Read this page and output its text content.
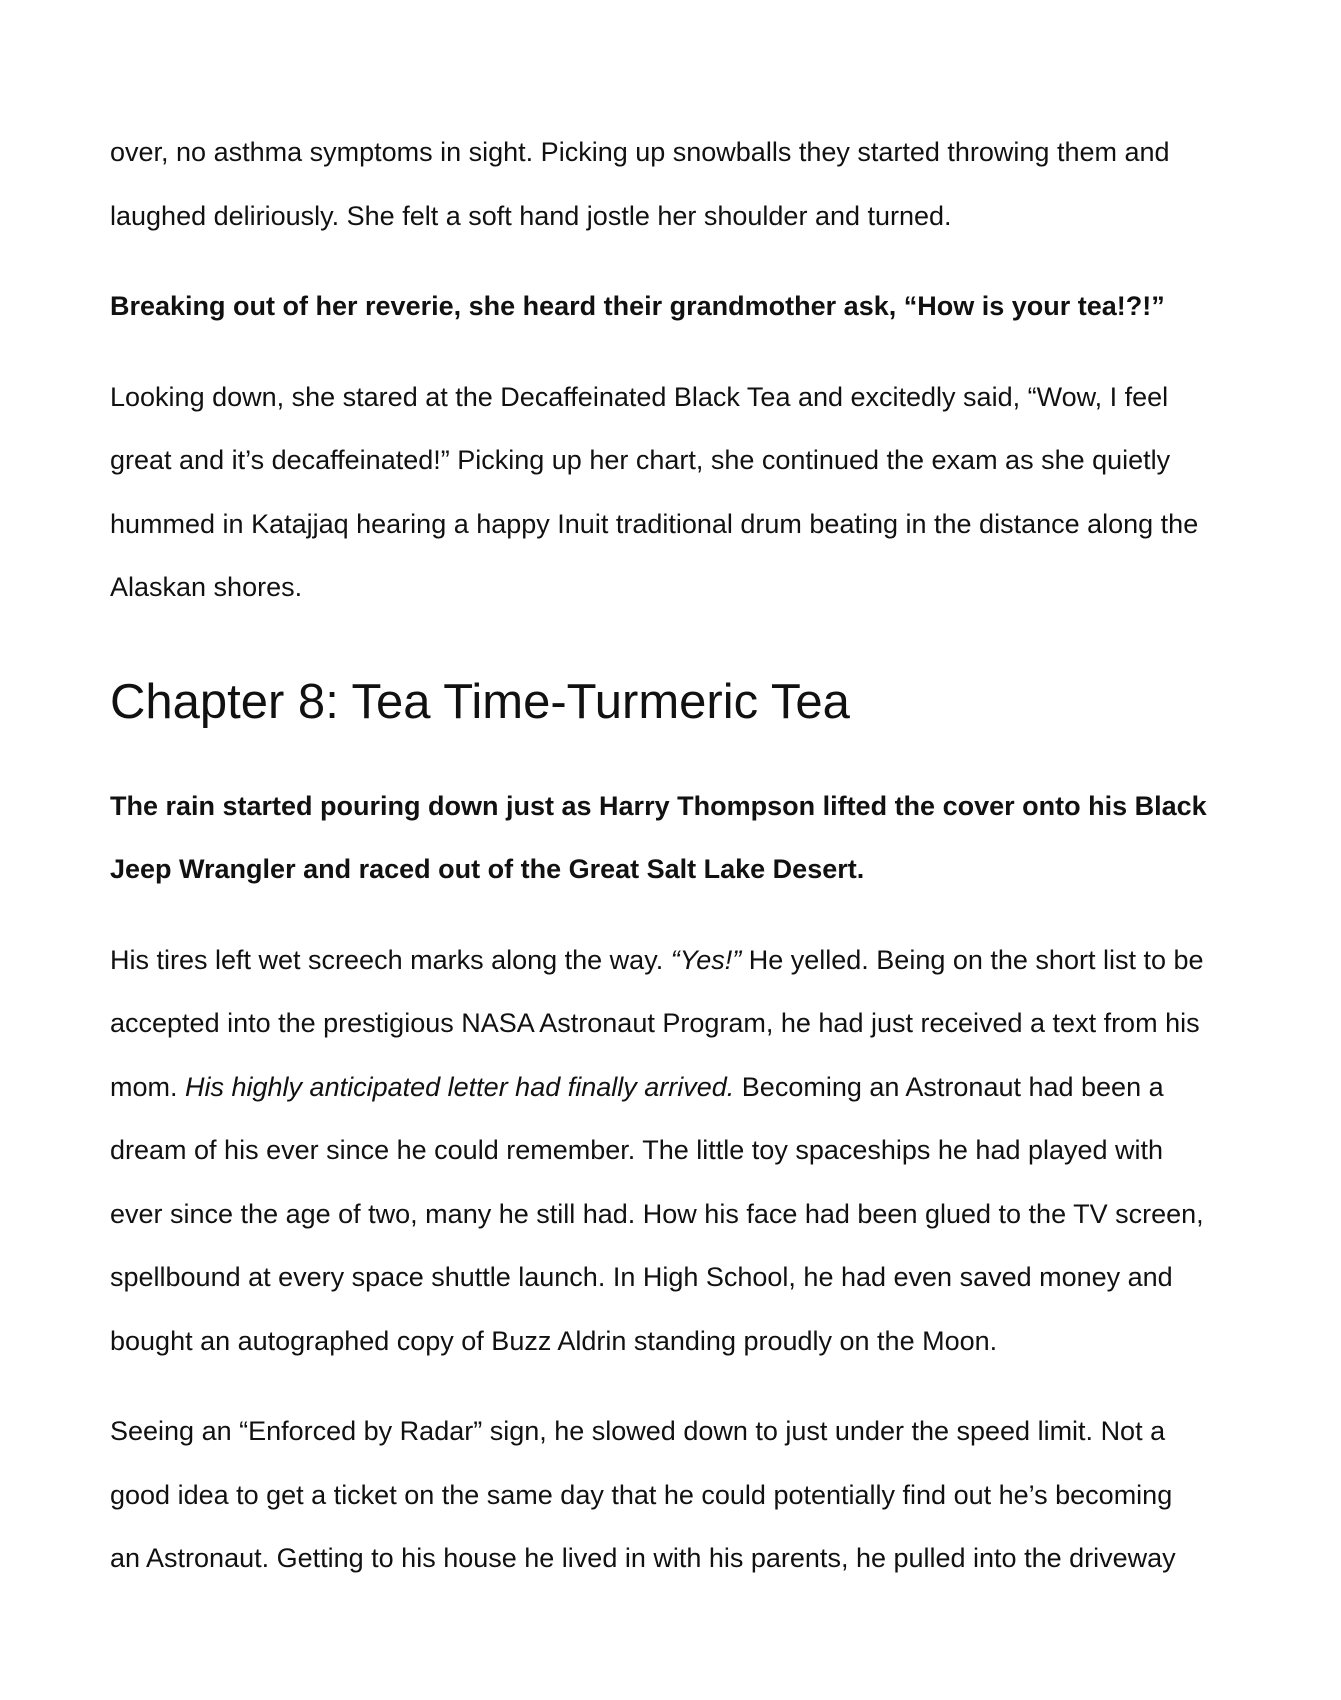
over, no asthma symptoms in sight. Picking up snowballs they started throwing them and

laughed deliriously. She felt a soft hand jostle her shoulder and turned.

Breaking out of her reverie, she heard their grandmother ask, “How is your tea!?!”

Looking down, she stared at the Decaffeinated Black Tea and excitedly said, “Wow, I feel

great and it’s decaffeinated!” Picking up her chart, she continued the exam as she quietly

hummed in Katajjaq hearing a happy Inuit traditional drum beating in the distance along the

Alaskan shores.

Chapter 8: Tea Time-Turmeric Tea

The rain started pouring down just as Harry Thompson lifted the cover onto his Black

Jeep Wrangler and raced out of the Great Salt Lake Desert.

His tires left wet screech marks along the way. “Yes!” He yelled. Being on the short list to be

accepted into the prestigious NASA Astronaut Program, he had just received a text from his

mom. His highly anticipated letter had finally arrived. Becoming an Astronaut had been a

dream of his ever since he could remember. The little toy spaceships he had played with

ever since the age of two, many he still had. How his face had been glued to the TV screen,

spellbound at every space shuttle launch. In High School, he had even saved money and

bought an autographed copy of Buzz Aldrin standing proudly on the Moon.

Seeing an “Enforced by Radar” sign, he slowed down to just under the speed limit. Not a

good idea to get a ticket on the same day that he could potentially find out he’s becoming

an Astronaut. Getting to his house he lived in with his parents, he pulled into the driveway
